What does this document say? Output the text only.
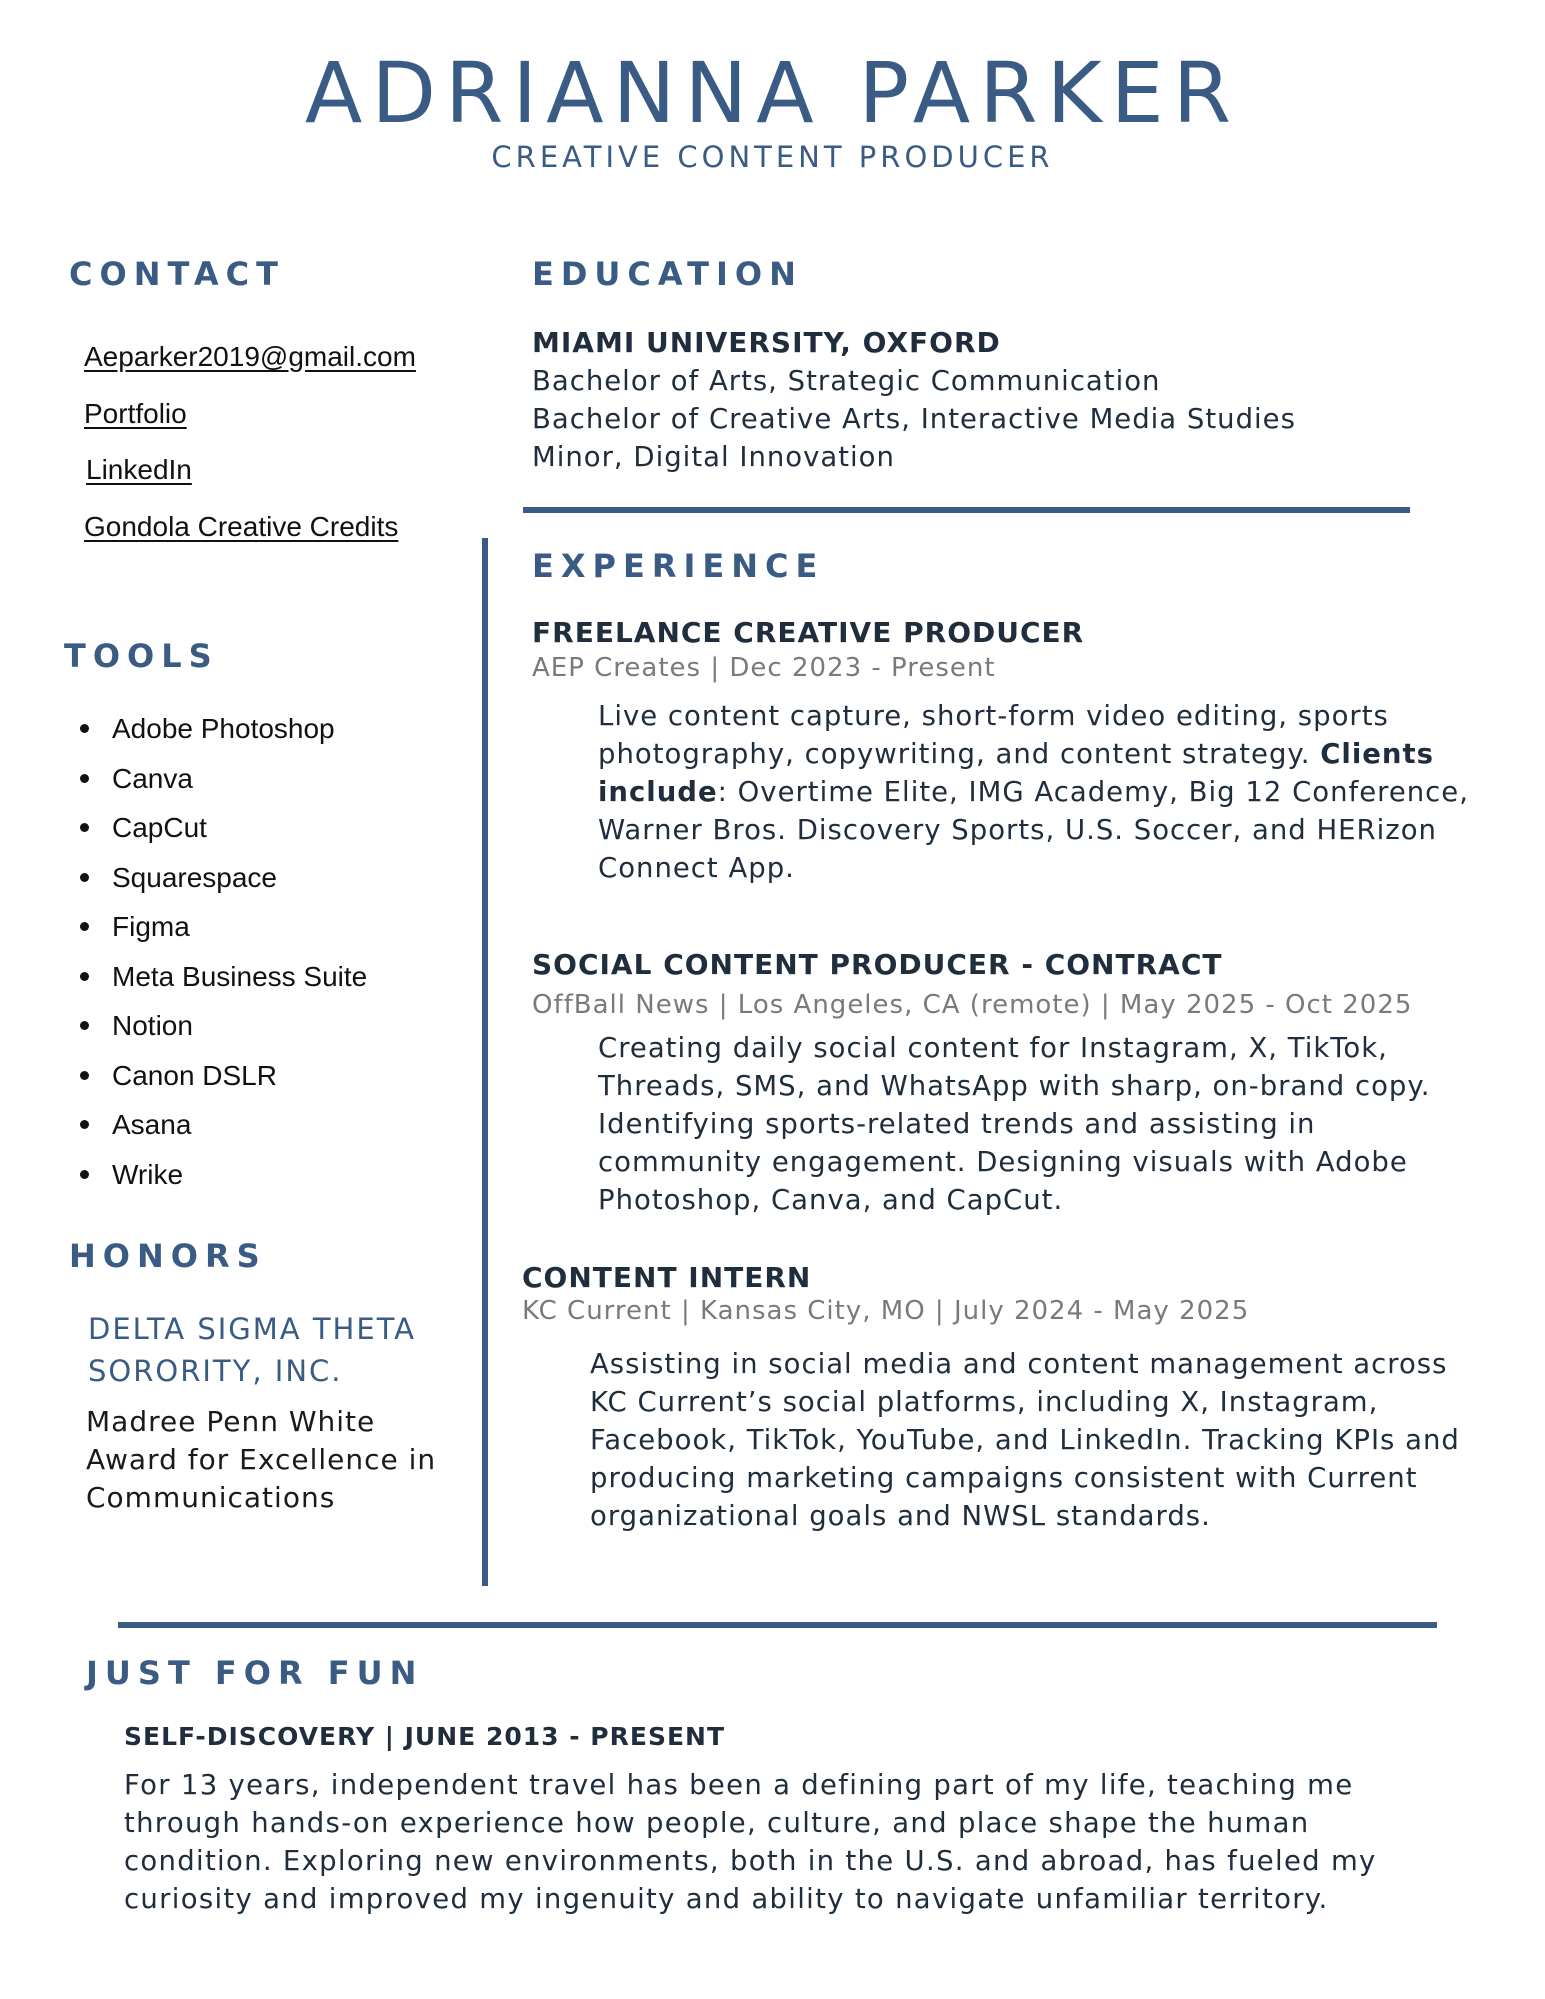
ADRIANNA PARKER
CREATIVE CONTENT PRODUCER
CONTACT
Aeparker2019@gmail.com
Portfolio
LinkedIn
Gondola Creative Credits
TOOLS
Adobe Photoshop
Canva
CapCut
Squarespace
Figma
Meta Business Suite
Notion
Canon DSLR
Asana
Wrike
HONORS
DELTA SIGMA THETA
SORORITY, INC.
Madree Penn White
Award for Excellence in
Communications
EDUCATION
MIAMI UNIVERSITY, OXFORD
Bachelor of Arts, Strategic Communication
Bachelor of Creative Arts, Interactive Media Studies
Minor, Digital Innovation
EXPERIENCE
FREELANCE CREATIVE PRODUCER
AEP Creates | Dec 2023 - Present
Live content capture, short-form video editing, sports photography, copywriting, and content strategy. Clients include: Overtime Elite, IMG Academy, Big 12 Conference, Warner Bros. Discovery Sports, U.S. Soccer, and HERizon Connect App.
SOCIAL CONTENT PRODUCER - CONTRACT
OffBall News | Los Angeles, CA (remote) | May 2025 - Oct 2025
Creating daily social content for Instagram, X, TikTok, Threads, SMS, and WhatsApp with sharp, on-brand copy. Identifying sports-related trends and assisting in community engagement. Designing visuals with Adobe Photoshop, Canva, and CapCut.
CONTENT INTERN
KC Current | Kansas City, MO | July 2024 - May 2025
Assisting in social media and content management across KC Current’s social platforms, including X, Instagram, Facebook, TikTok, YouTube, and LinkedIn. Tracking KPIs and producing marketing campaigns consistent with Current organizational goals and NWSL standards.
JUST FOR FUN
SELF-DISCOVERY | JUNE 2013 - PRESENT
For 13 years, independent travel has been a defining part of my life, teaching me through hands-on experience how people, culture, and place shape the human condition. Exploring new environments, both in the U.S. and abroad, has fueled my curiosity and improved my ingenuity and ability to navigate unfamiliar territory.
